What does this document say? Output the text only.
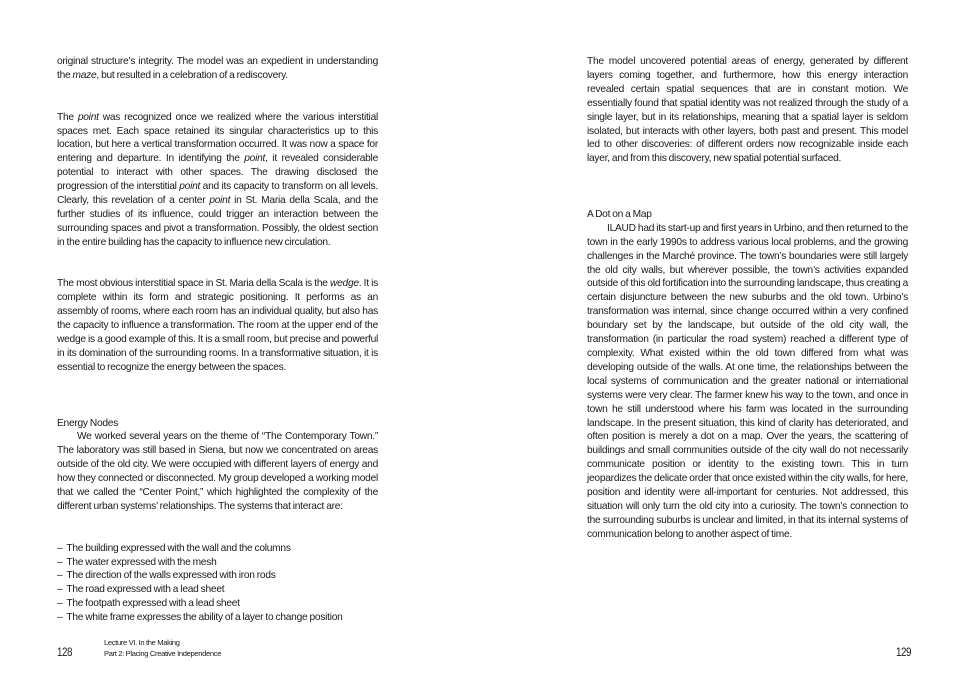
original structure’s integrity. The model was an expedient in understanding the maze, but resulted in a celebration of a rediscovery.

The point was recognized once we realized where the various interstitial spaces met. Each space retained its singular characteristics up to this location, but here a vertical transformation occurred. It was now a space for entering and departure. In identifying the point, it revealed considerable potential to interact with other spaces. The drawing disclosed the progression of the interstitial point and its capacity to transform on all levels. Clearly, this revelation of a center point in St. Maria della Scala, and the further studies of its influence, could trigger an interaction between the surrounding spaces and pivot a transformation. Possibly, the oldest section in the entire building has the capacity to influence new circulation.

The most obvious interstitial space in St. Maria della Scala is the wedge. It is complete within its form and strategic positioning. It performs as an assembly of rooms, where each room has an individual quality, but also has the capacity to influence a transformation. The room at the upper end of the wedge is a good example of this. It is a small room, but precise and powerful in its domination of the surrounding rooms. In a transformative situation, it is essential to recognize the energy between the spaces.

Energy Nodes

We worked several years on the theme of “The Contemporary Town.” The laboratory was still based in Siena, but now we concentrated on areas outside of the old city. We were occupied with different layers of energy and how they connected or disconnected. My group developed a working model that we called the “Center Point,” which highlighted the complexity of the different urban systems’ relationships. The systems that interact are:

– The building expressed with the wall and the columns
– The water expressed with the mesh
– The direction of the walls expressed with iron rods
– The road expressed with a lead sheet
– The footpath expressed with a lead sheet
– The white frame expresses the ability of a layer to change position
128
Lecture VI. In the Making
Part 2: Placing Creative Independence

The model uncovered potential areas of energy, generated by different layers coming together, and furthermore, how this energy interaction revealed certain spatial sequences that are in constant motion. We essentially found that spatial identity was not realized through the study of a single layer, but in its relationships, meaning that a spatial layer is seldom isolated, but interacts with other layers, both past and present. This model led to other discoveries: of different orders now recognizable inside each layer, and from this discovery, new spatial potential surfaced.

A Dot on a Map

ILAUD had its start-up and first years in Urbino, and then returned to the town in the early 1990s to address various local problems, and the growing challenges in the Marché province. The town’s boundaries were still largely the old city walls, but wherever possible, the town’s activities expanded outside of this old fortification into the surrounding landscape, thus creating a certain disjuncture between the new suburbs and the old town. Urbino’s transformation was internal, since change occurred within a very confined boundary set by the landscape, but outside of the old city wall, the transformation (in particular the road system) reached a different type of complexity. What existed within the old town differed from what was developing outside of the walls. At one time, the relationships between the local systems of communication and the greater national or international systems were very clear. The farmer knew his way to the town, and once in town he still understood where his farm was located in the surrounding landscape. In the present situation, this kind of clarity has deteriorated, and often position is merely a dot on a map. Over the years, the scattering of buildings and small communities outside of the city wall do not necessarily communicate position or identity to the existing town. This in turn jeopardizes the delicate order that once existed within the city walls, for here, position and identity were all-important for centuries. Not addressed, this situation will only turn the old city into a curiosity. The town’s connection to the surrounding suburbs is unclear and limited, in that its internal systems of communication belong to another aspect of time.

129
